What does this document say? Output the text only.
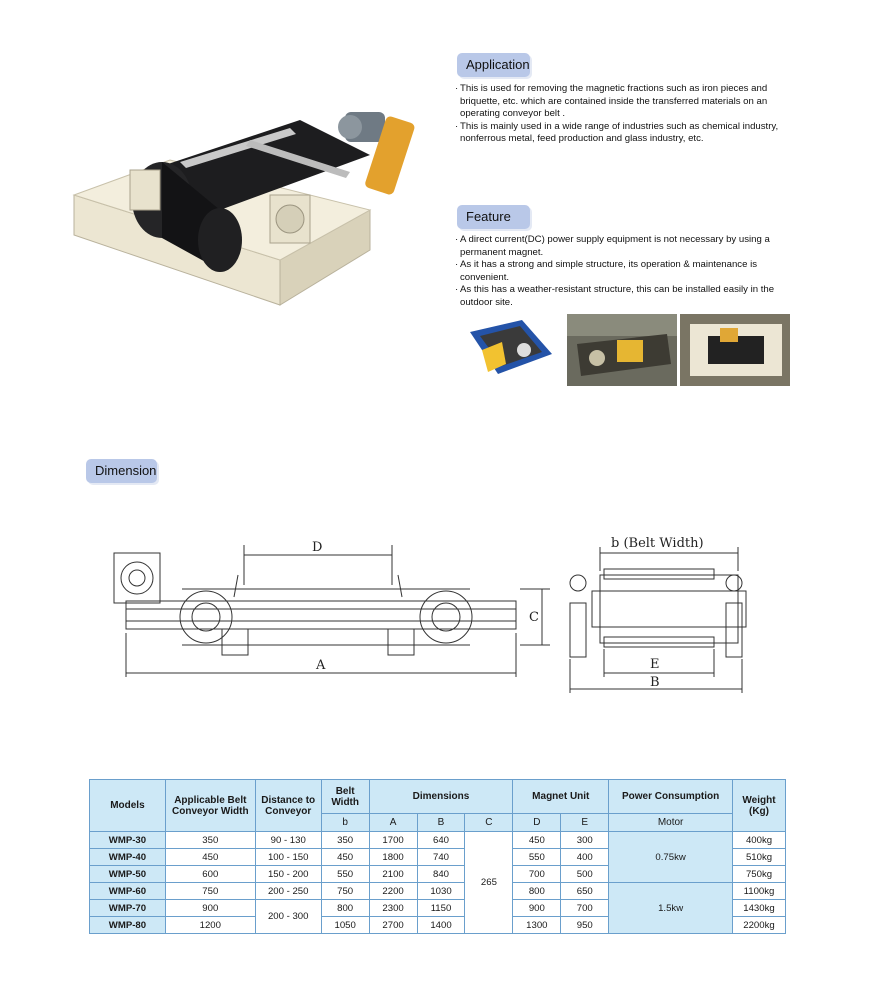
Application
· This is used for removing the magnetic fractions such as iron pieces and briquette, etc. which are contained inside the transferred materials on an operating conveyor belt .
· This is mainly used in a wide range of industries such as chemical industry, nonferrous metal, feed production and glass industry, etc.
Feature
· A direct current(DC) power supply equipment is not necessary by using a permanent magnet.
· As it has a strong and simple structure, its operation & maintenance is convenient.
· As this has a weather-resistant structure, this can be installed easily in the outdoor site.
Dimension
D
A
C
b (Belt Width)
E
B
Models	Applicable Belt Conveyor Width	Distance to Conveyor	Belt Width	Dimensions			Magnet Unit		Power Consumption	Weight (Kg)
			b	A	B	C	D	E	Motor	
WMP-30	350	90 - 130	350	1700	640	265	450	300	0.75kw	400kg
WMP-40	450	100 - 150	450	1800	740		550	400		510kg
WMP-50	600	150 - 200	550	2100	840		700	500		750kg
WMP-60	750	200 - 250	750	2200	1030		800	650	1.5kw	1100kg
WMP-70	900	200 - 300	800	2300	1150		900	700		1430kg
WMP-80	1200		1050	2700	1400		1300	950		2200kg
